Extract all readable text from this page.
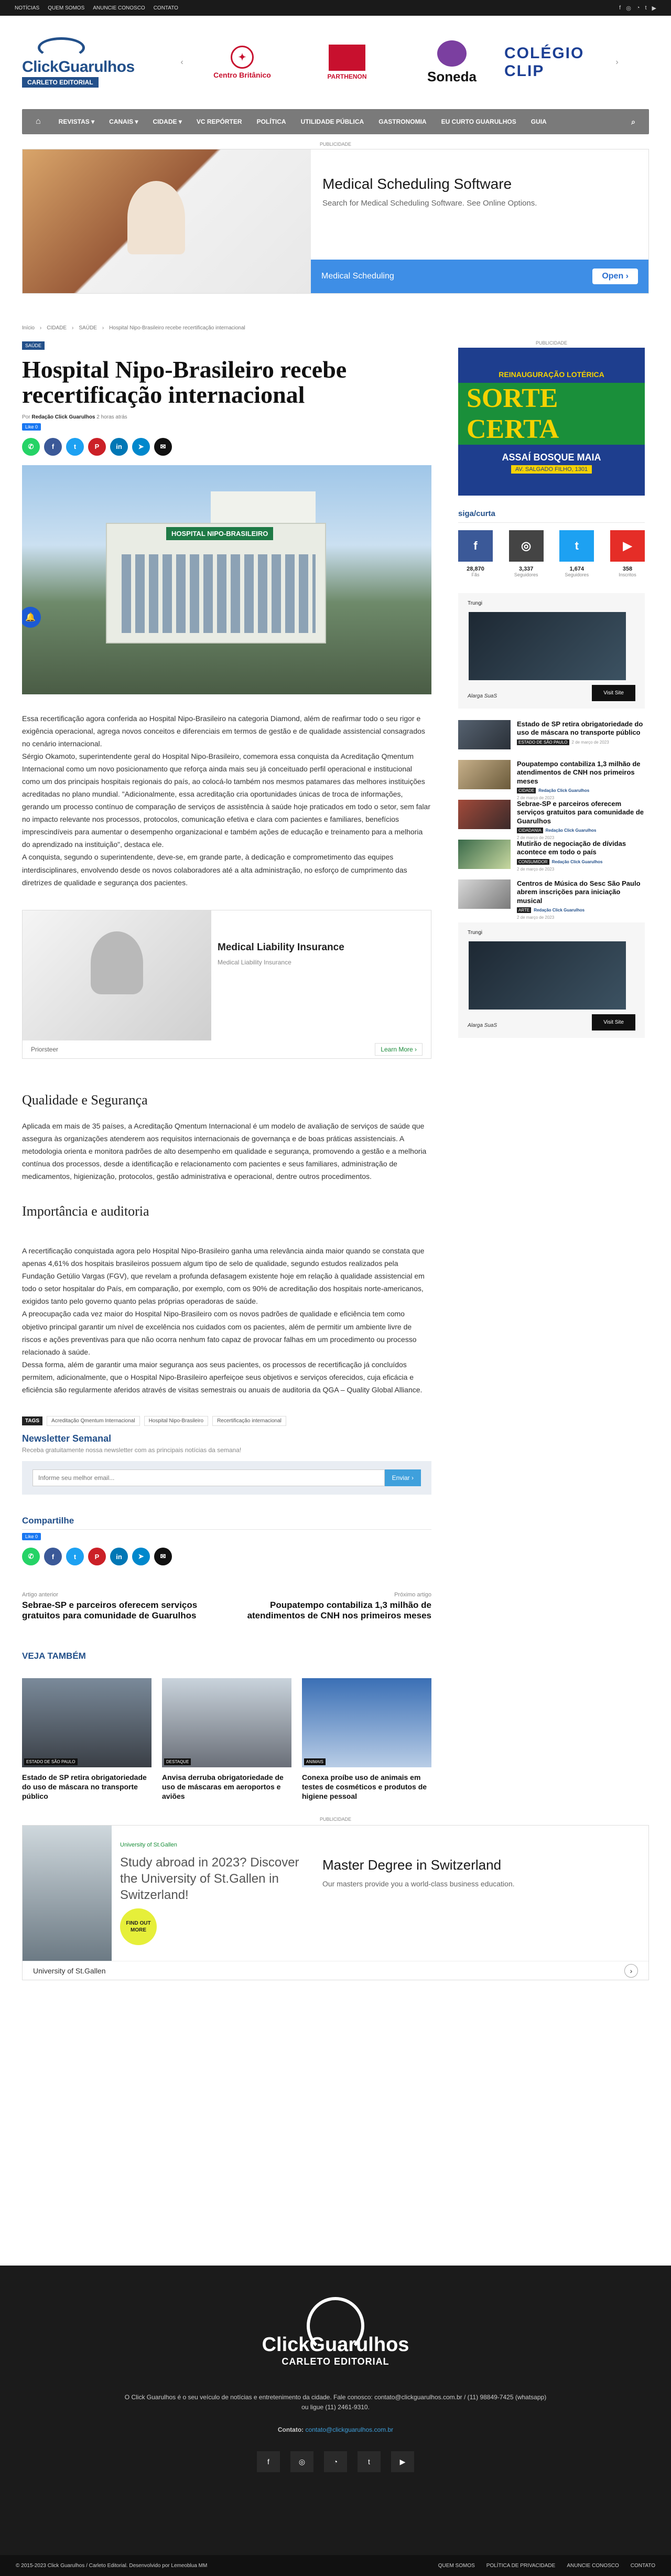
NOTÍCIAS QUEM SOMOS ANUNCIE CONOSCO CONTATO	f ◎ ◔ t ▶
ClickGuarulhos
CARLETO EDITORIAL
‹	✦
Centro Britânico	PARTHENON	Soneda
COLÉGIO CLIP
›
⌂	REVISTAS ▾	CANAIS ▾	CIDADE ▾	VC REPÓRTER	POLÍTICA	UTILIDADE PÚBLICA	GASTRONOMIA	EU CURTO GUARULHOS	GUIA	⌕
PUBLICIDADE
Medical Scheduling Software
Search for Medical Scheduling Software. See Online Options.
Medical Scheduling	Open ›
Início › CIDADE › SAÚDE › Hospital Nipo-Brasileiro recebe recertificação internacional
SAÚDE
Hospital Nipo-Brasileiro recebe recertificação internacional
Por Redação Click Guarulhos 2 horas atrás
Like 0
✆	f	t	P	in	➤	✉
HOSPITAL NIPO-BRASILEIRO
🔔

Essa recertificação agora conferida ao Hospital Nipo-Brasileiro na categoria Diamond, além de reafirmar todo o seu rigor e exigência operacional, agrega novos conceitos e diferenciais em termos de gestão e de qualidade assistencial consagrados no cenário internacional.

Sérgio Okamoto, superintendente geral do Hospital Nipo-Brasileiro, comemora essa conquista da Acreditação Qmentum Internacional como um novo posicionamento que reforça ainda mais seu já conceituado perfil operacional e institucional como um dos principais hospitais regionais do país, ao colocá-lo também nos mesmos patamares das melhores instituições acreditadas no plano mundial. "Adicionalmente, essa acreditação cria oportunidades únicas de troca de informações, gerando um processo contínuo de comparação de serviços de assistência à saúde hoje praticados em todo o setor, sem falar no impacto relevante nos processos, protocolos, comunicação efetiva e clara com pacientes e familiares, benefícios imprescindíveis para aumentar o desempenho organizacional e também ações de educação e treinamento para a melhoria do aprendizado na instituição", destaca ele.

A conquista, segundo o superintendente, deve-se, em grande parte, à dedicação e comprometimento das equipes interdisciplinares, envolvendo desde os novos colaboradores até a alta administração, no esforço de cumprimento das diretrizes de qualidade e segurança dos pacientes.

Medical Liability Insurance
Medical Liability Insurance
Priorsteer	Learn More ›
Qualidade e Segurança

Aplicada em mais de 35 países, a Acreditação Qmentum Internacional é um modelo de avaliação de serviços de saúde que assegura às organizações atenderem aos requisitos internacionais de governança e de boas práticas assistenciais. A metodologia orienta e monitora padrões de alto desempenho em qualidade e segurança, promovendo a gestão e a melhoria contínua dos processos, desde a identificação e relacionamento com pacientes e seus familiares, administração de medicamentos, higienização, protocolos, gestão administrativa e operacional, dentre outros procedimentos.

Importância e auditoria

A recertificação conquistada agora pelo Hospital Nipo-Brasileiro ganha uma relevância ainda maior quando se constata que apenas 4,61% dos hospitais brasileiros possuem algum tipo de selo de qualidade, segundo estudos realizados pela Fundação Getúlio Vargas (FGV), que revelam a profunda defasagem existente hoje em relação à qualidade assistencial em todo o setor hospitalar do País, em comparação, por exemplo, com os 90% de acreditação dos hospitais norte-americanos, exigidos tanto pelo governo quanto pelas próprias operadoras de saúde.

A preocupação cada vez maior do Hospital Nipo-Brasileiro com os novos padrões de qualidade e eficiência tem como objetivo principal garantir um nível de excelência nos cuidados com os pacientes, além de permitir um ambiente livre de riscos e ações preventivas para que não ocorra nenhum fato capaz de provocar falhas em um procedimento ou processo relacionado à saúde.

Dessa forma, além de garantir uma maior segurança aos seus pacientes, os processos de recertificação já concluídos permitem, adicionalmente, que o Hospital Nipo-Brasileiro aperfeiçoe seus objetivos e serviços oferecidos, cuja eficácia e eficiência são regularmente aferidos através de visitas semestrais ou anuais de auditoria da QGA – Quality Global Alliance.

TAGS	Acreditação Qmentum Internacional	Hospital Nipo-Brasileiro	Recertificação internacional
Newsletter Semanal
Receba gratuitamente nossa newsletter com as principais notícias da semana!
Informe seu melhor email...
Enviar ›
Compartilhe
Like 0
✆	f	t	P	in	➤	✉
Artigo anterior
Sebrae-SP e parceiros oferecem serviços gratuitos para comunidade de Guarulhos
Próximo artigo
Poupatempo contabiliza 1,3 milhão de atendimentos de CNH nos primeiros meses
VEJA TAMBÉM
ESTADO DE SÃO PAULO
Estado de SP retira obrigatoriedade do uso de máscara no transporte público
DESTAQUE
Anvisa derruba obrigatoriedade de uso de máscaras em aeroportos e aviões
ANIMAIS
Conexa proíbe uso de animais em testes de cosméticos e produtos de higiene pessoal
PUBLICIDADE
REINAUGURAÇÃO LOTÉRICA
SORTE CERTA
ASSAÍ BOSQUE MAIA
AV. SALGADO FILHO, 1301
siga/curta
f
28,870
Fãs
◎
3,337
Seguidores
t
1,674
Seguidores
▶
358
Inscritos
Trungi
Alarga SuaS
Visit Site
Estado de SP retira obrigatoriedade do uso de máscara no transporte público
ESTADO DE SÃO PAULO	2 de março de 2023
Poupatempo contabiliza 1,3 milhão de atendimentos de CNH nos primeiros meses
CIDADE	Redação Click Guarulhos
2 de março de 2023
Sebrae-SP e parceiros oferecem serviços gratuitos para comunidade de Guarulhos
CIDADANIA	Redação Click Guarulhos
2 de março de 2023
Mutirão de negociação de dívidas acontece em todo o país
CONSUMIDOR	Redação Click Guarulhos
2 de março de 2023
Centros de Música do Sesc São Paulo abrem inscrições para iniciação musical
ARTE	Redação Click Guarulhos
2 de março de 2023
Trungi
Alarga SuaS
Visit Site
PUBLICIDADE
University of St.Gallen
Study abroad in 2023? Discover the University of St.Gallen in Switzerland!
FIND OUT MORE
Master Degree in Switzerland
Our masters provide you a world-class business education.
University of St.Gallen	›
ClickGuarulhos
CARLETO EDITORIAL
O Click Guarulhos é o seu veículo de notícias e entretenimento da cidade. Fale conosco: contato@clickguarulhos.com.br / (11) 98849-7425 (whatsapp) ou ligue (11) 2461-9310.
Contato: contato@clickguarulhos.com.br
f	◎	◔	t	▶
© 2015-2023 Click Guarulhos / Carleto Editorial. Desenvolvido por Lemeoblua MM	QUEM SOMOS POLÍTICA DE PRIVACIDADE ANUNCIE CONOSCO CONTATO
